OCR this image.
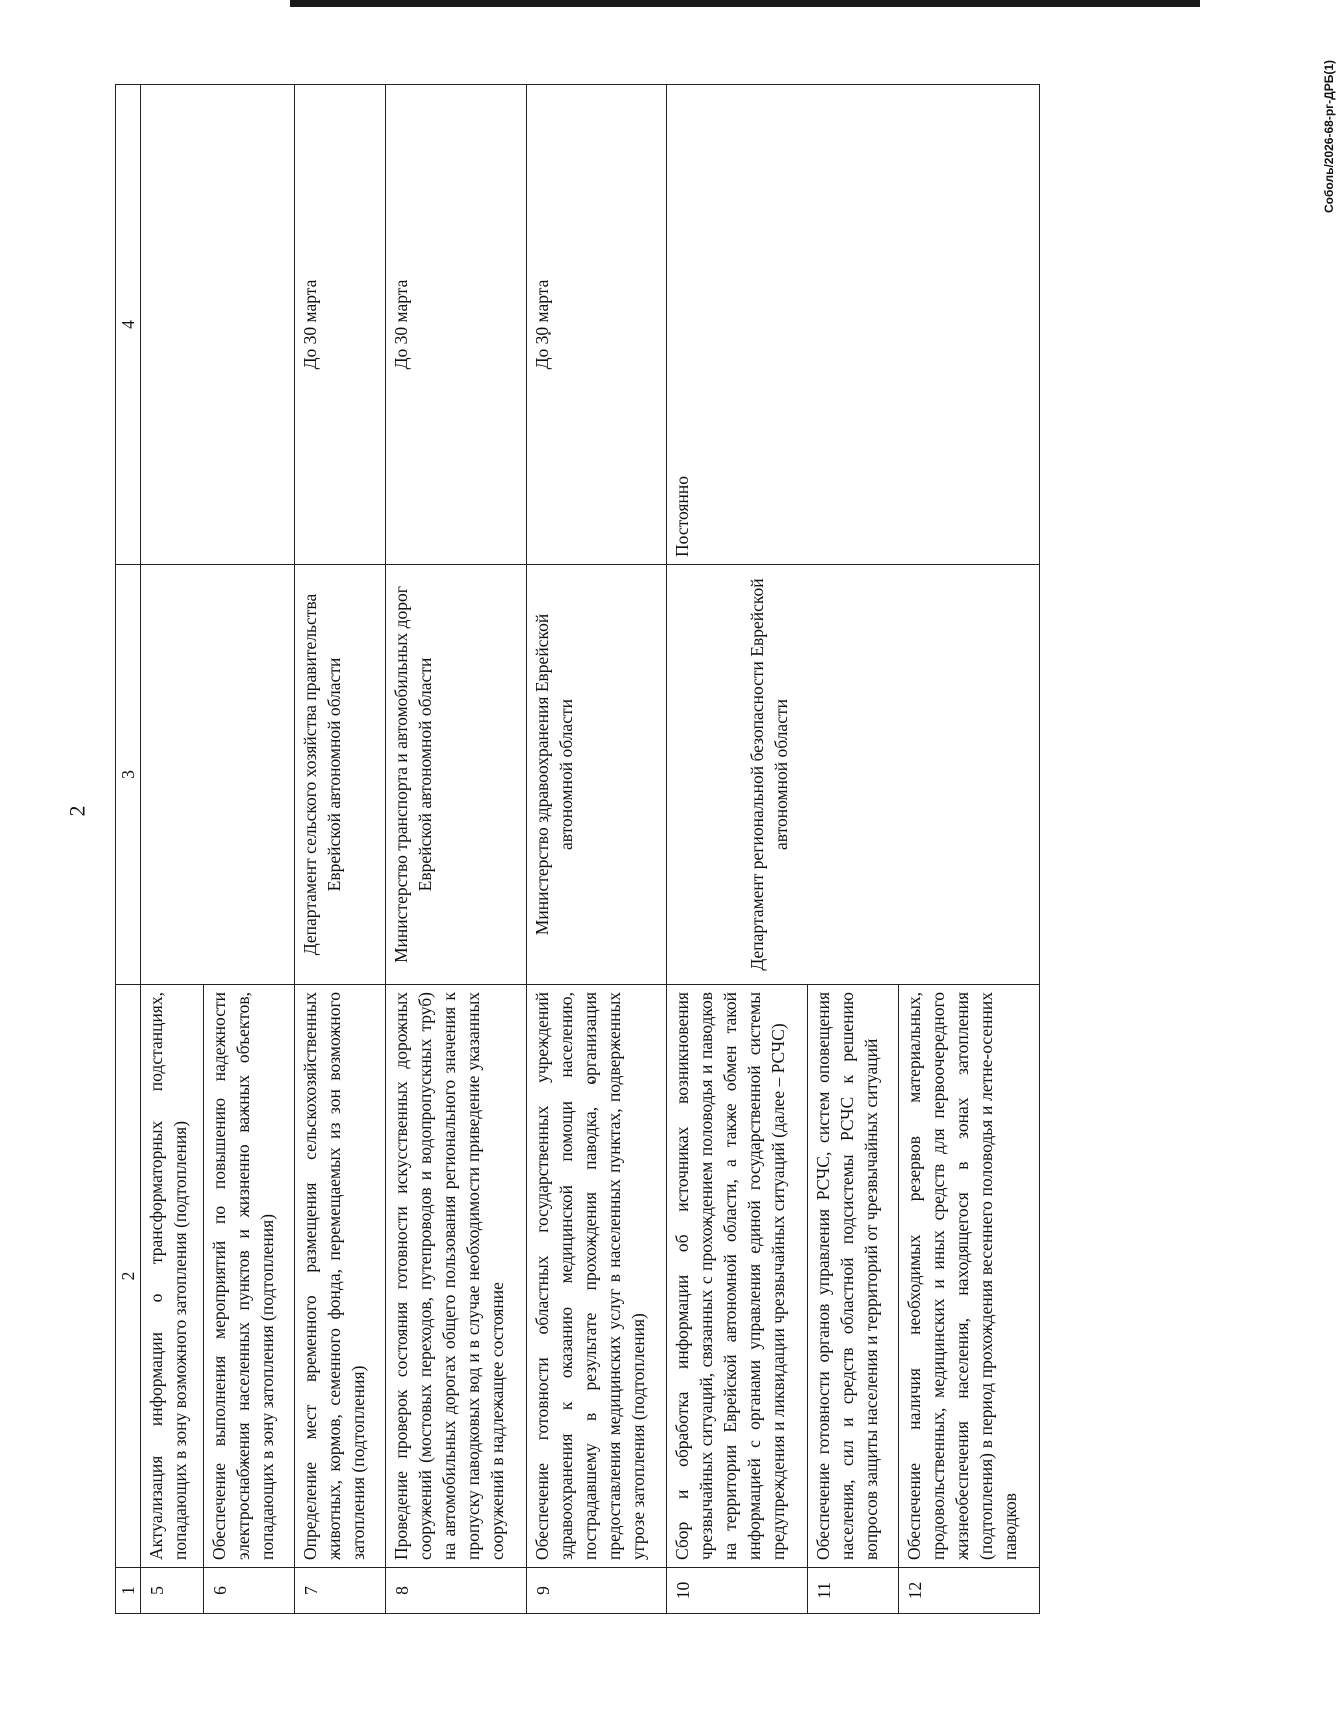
2
Соболь/2026-68-рг-ДРБ(1)
1	2	3	4
5	Актуализация информации о трансформаторных подстанциях, попадающих в зону возможного затопления (подтопления)		
6	Обеспечение выполнения мероприятий по повышению надежности электроснабжения населенных пунктов и жизненно важных объектов, попадающих в зону затопления (подтопления)		
7	Определение мест временного размещения сельскохозяйственных животных, кормов, семенного фонда, перемещаемых из зон возможного затопления (подтопления)	Департамент сельского хозяйства правительства Еврейской автономной области	До 30 марта
8	Проведение проверок состояния готовности искусственных дорожных сооружений (мостовых переходов, путепроводов и водопропускных труб) на автомобильных дорогах общего пользования регионального значения к пропуску паводковых вод и в случае необходимости приведение указанных сооружений в надлежащее состояние	Министерство транспорта и автомобильных дорог Еврейской автономной области	До 30 марта
9	Обеспечение готовности областных государственных учреждений здравоохранения к оказанию медицинской помощи населению, пострадавшему в результате прохождения паводка, организация предоставления медицинских услуг в населенных пунктах, подверженных угрозе затопления (подтопления)	Министерство здравоохранения Еврейской автономной области	До 30 марта
10	Сбор и обработка информации об источниках возникновения чрезвычайных ситуаций, связанных с прохождением половодья и паводков на территории Еврейской автономной области, а также обмен такой информацией с органами управления единой государственной системы предупреждения и ликвидации чрезвычайных ситуаций (далее – РСЧС)	Департамент региональной безопасности Еврейской автономной области	Постоянно
11	Обеспечение готовности органов управления РСЧС, систем оповещения населения, сил и средств областной подсистемы РСЧС к решению вопросов защиты населения и территорий от чрезвычайных ситуаций		
12	Обеспечение наличия необходимых резервов материальных, продовольственных, медицинских и иных средств для первоочередного жизнеобеспечения населения, находящегося в зонах затопления (подтопления) в период прохождения весеннего половодья и летне-осенних паводков		
